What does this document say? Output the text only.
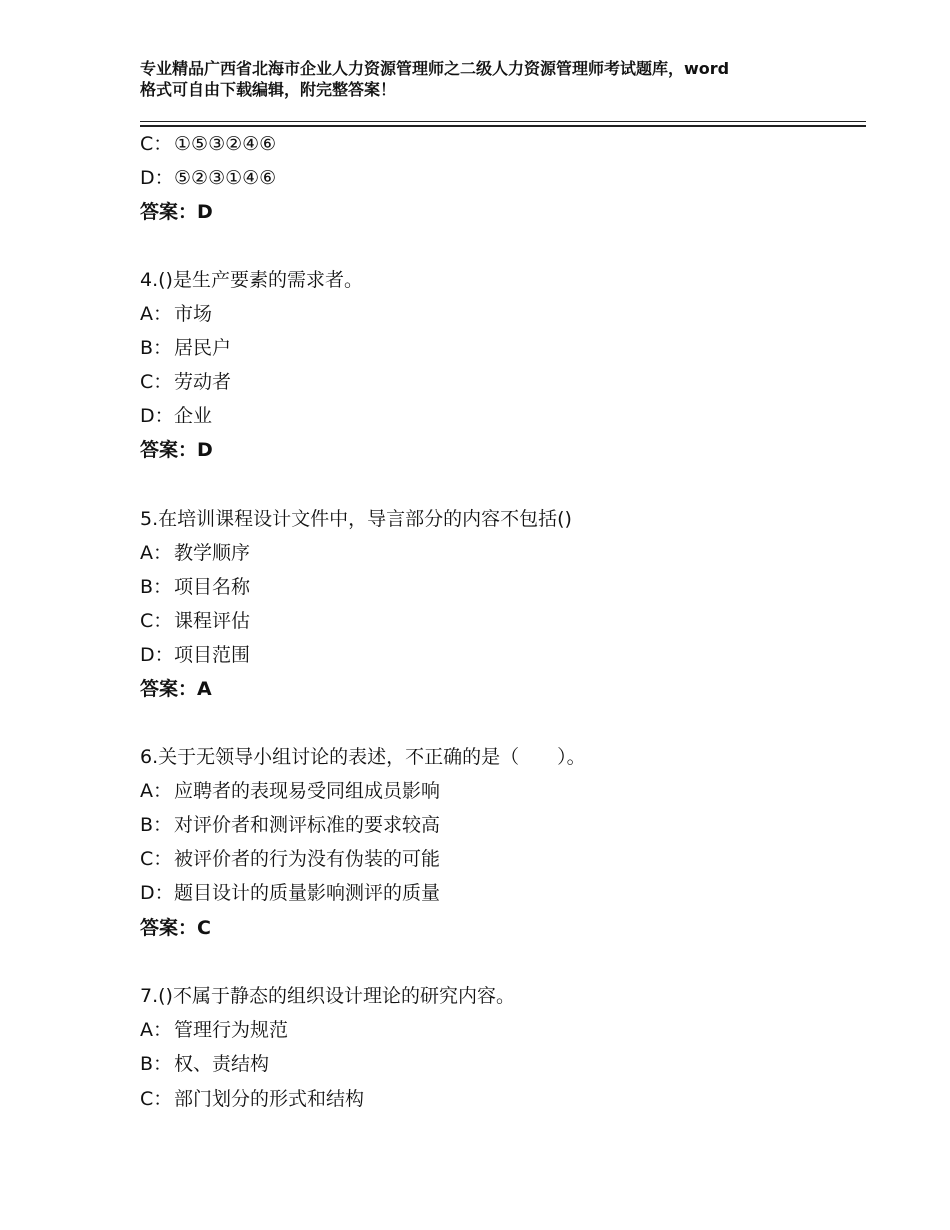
专业精品广西省北海市企业人力资源管理师之二级人力资源管理师考试题库，word
格式可自由下载编辑，附完整答案！
C：①⑤③②④⑥
D：⑤②③①④⑥
答案：D
4.()是生产要素的需求者。
A： 市场
B： 居民户
C：劳动者
D：企业
答案：D
5.在培训课程设计文件中，导言部分的内容不包括()
A： 教学顺序
B： 项目名称
C：课程评估
D：项目范围
答案：A
6.关于无领导小组讨论的表述，不正确的是（　　）。
A： 应聘者的表现易受同组成员影响
B： 对评价者和测评标准的要求较高
C：被评价者的行为没有伪装的可能
D：题目设计的质量影响测评的质量
答案：C
7.()不属于静态的组织设计理论的研究内容。
A： 管理行为规范
B： 权、责结构
C：部门划分的形式和结构
